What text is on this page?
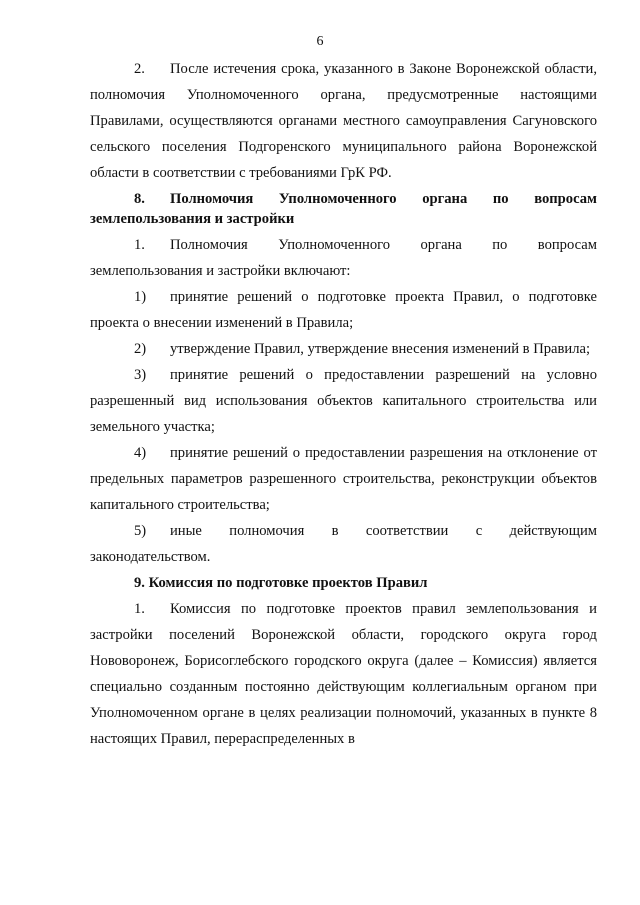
6

2. После истечения срока, указанного в Законе Воронежской области, полномочия Уполномоченного органа, предусмотренные настоящими Правилами, осуществляются органами местного самоуправления Сагуновского сельского поселения Подгоренского муниципального района Воронежской области в соответствии с требованиями ГрК РФ.

8. Полномочия Уполномоченного органа по вопросам землепользования и застройки

1. Полномочия Уполномоченного органа по вопросам землепользования и застройки включают:

1) принятие решений о подготовке проекта Правил, о подготовке проекта о внесении изменений в Правила;

2) утверждение Правил, утверждение внесения изменений в Правила;

3) принятие решений о предоставлении разрешений на условно разрешенный вид использования объектов капитального строительства или земельного участка;

4) принятие решений о предоставлении разрешения на отклонение от предельных параметров разрешенного строительства, реконструкции объектов капитального строительства;

5) иные полномочия в соответствии с действующим законодательством.

9. Комиссия по подготовке проектов Правил

1. Комиссия по подготовке проектов правил землепользования и застройки поселений Воронежской области, городского округа город Нововоронеж, Борисоглебского городского округа (далее – Комиссия) является специально созданным постоянно действующим коллегиальным органом при Уполномоченном органе в целях реализации полномочий, указанных в пункте 8 настоящих Правил, перераспределенных в
